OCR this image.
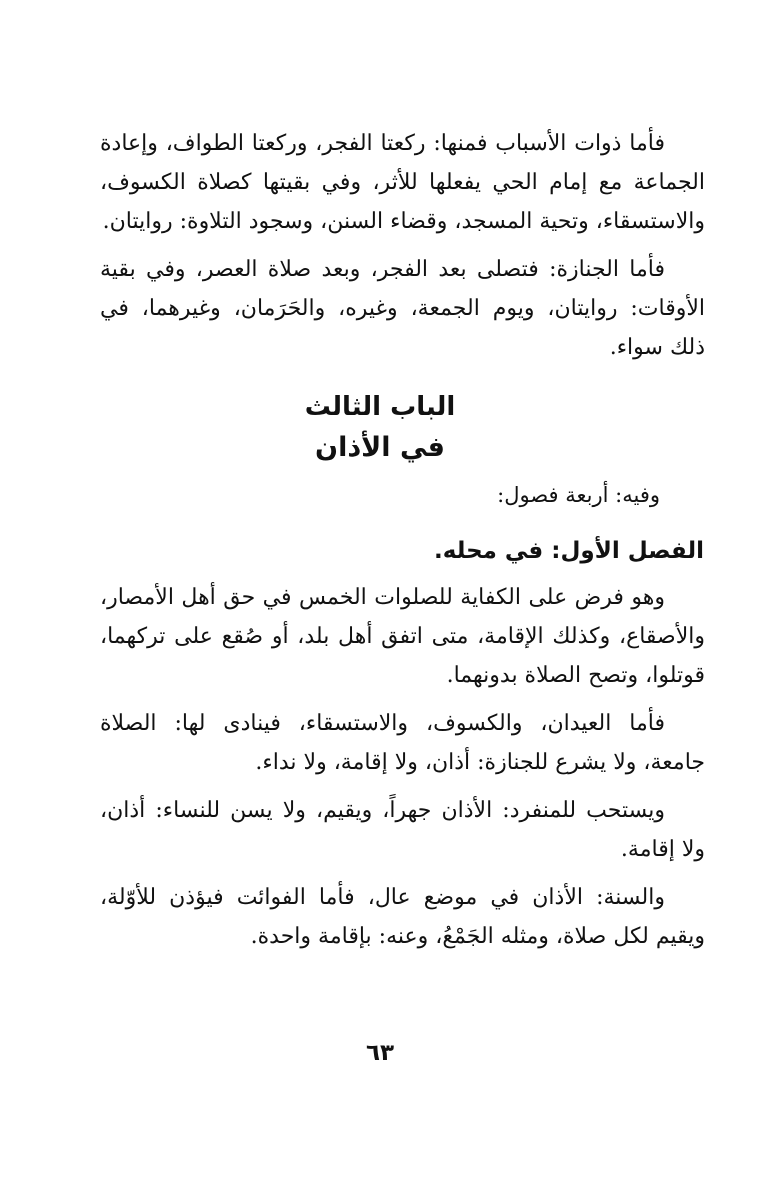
فأما ذوات الأسباب فمنها: ركعتا الفجر، وركعتا الطواف، وإعادة الجماعة مع إمام الحي يفعلها للأثر، وفي بقيتها كصلاة الكسوف، والاستسقاء، وتحية المسجد، وقضاء السنن، وسجود التلاوة: روايتان.

فأما الجنازة: فتصلى بعد الفجر، وبعد صلاة العصر، وفي بقية الأوقات: روايتان، ويوم الجمعة، وغيره، والحَرَمان، وغيرهما، في ذلك سواء.

الباب الثالث
في الأذان
وفيه: أربعة فصول:
الفصل الأول: في محله.

وهو فرض على الكفاية للصلوات الخمس في حق أهل الأمصار، والأصقاع، وكذلك الإقامة، متى اتفق أهل بلد، أو صُقع على تركهما، قوتلوا، وتصح الصلاة بدونهما.

فأما العيدان، والكسوف، والاستسقاء، فينادى لها: الصلاة جامعة، ولا يشرع للجنازة: أذان، ولا إقامة، ولا نداء.

ويستحب للمنفرد: الأذان جهراً، ويقيم، ولا يسن للنساء: أذان، ولا إقامة.

والسنة: الأذان في موضع عال، فأما الفوائت فيؤذن للأوّلة، ويقيم لكل صلاة، ومثله الجَمْعُ، وعنه: بإقامة واحدة.

٦٣
